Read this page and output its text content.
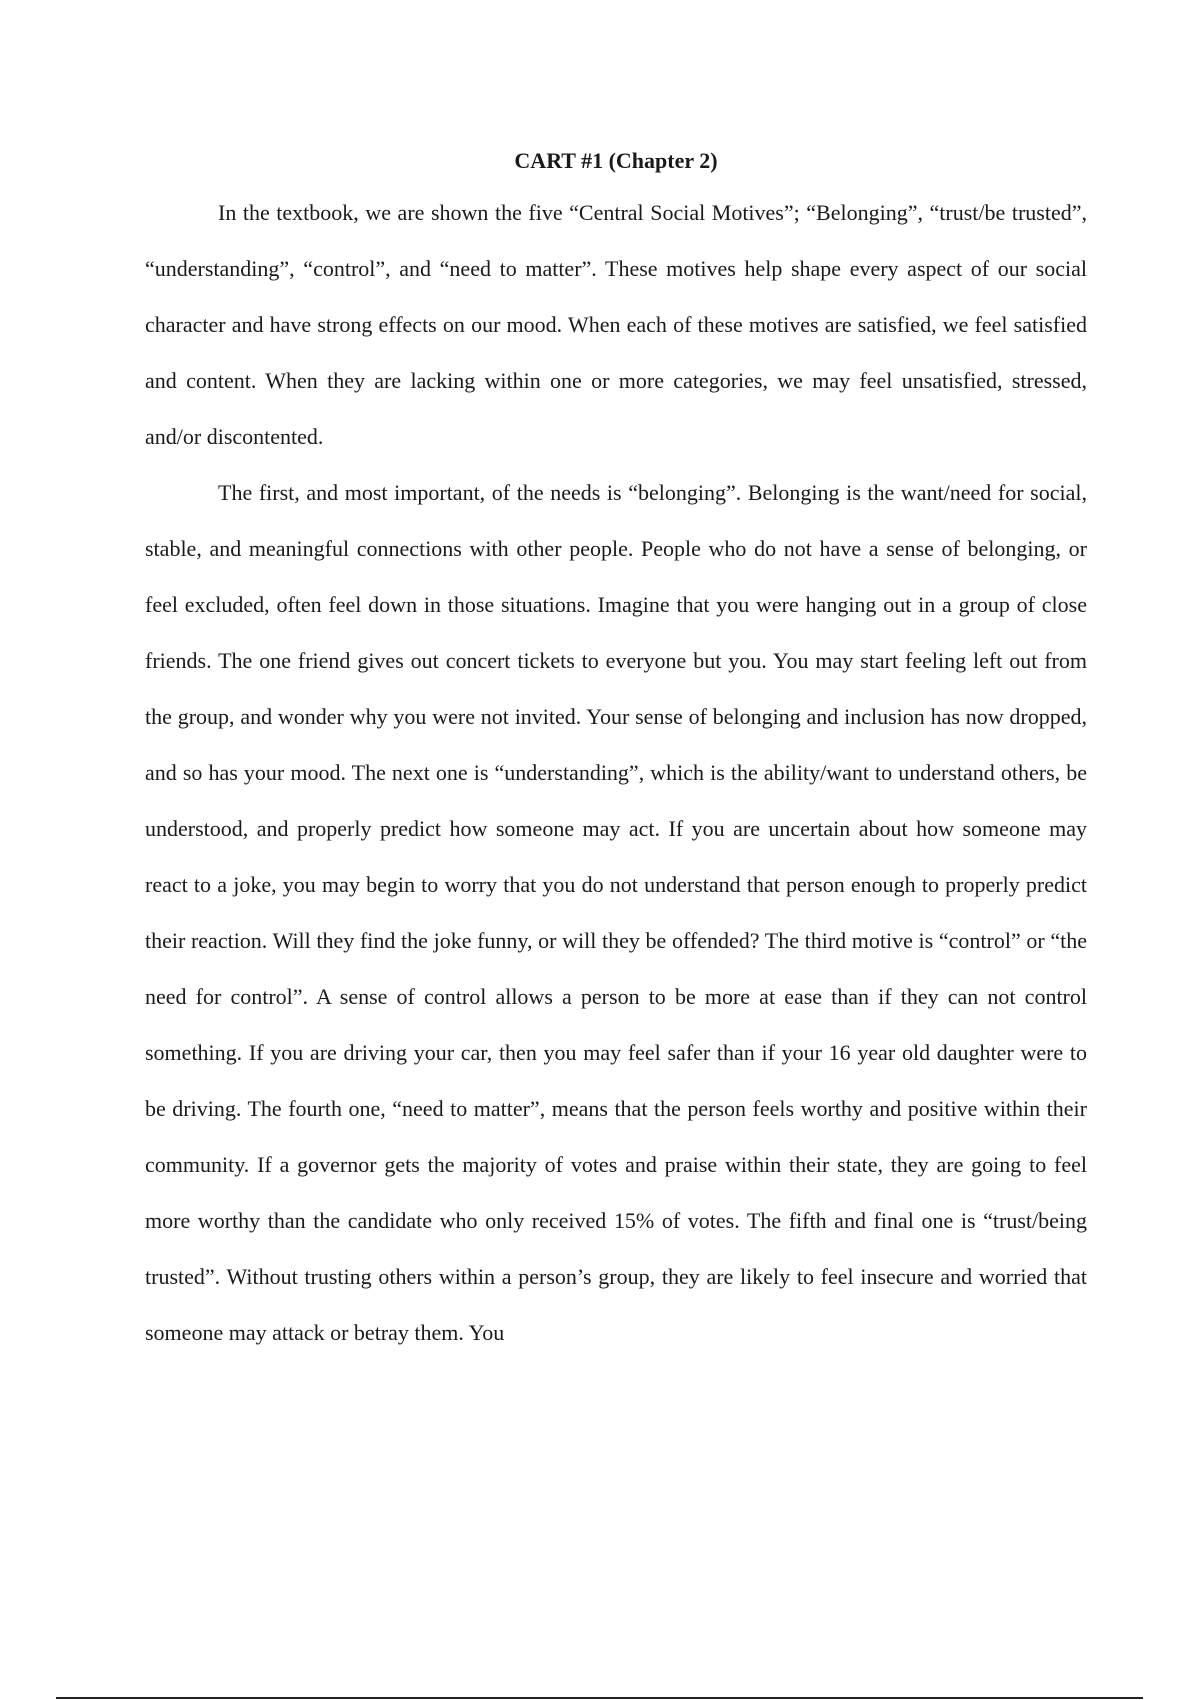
CART #1 (Chapter 2)

In the textbook, we are shown the five “Central Social Motives”; “Belonging”, “trust/be trusted”, “understanding”, “control”, and “need to matter”. These motives help shape every aspect of our social character and have strong effects on our mood. When each of these motives are satisfied, we feel satisfied and content. When they are lacking within one or more categories, we may feel unsatisfied, stressed, and/or discontented.

The first, and most important, of the needs is “belonging”. Belonging is the want/need for social, stable, and meaningful connections with other people. People who do not have a sense of belonging, or feel excluded, often feel down in those situations. Imagine that you were hanging out in a group of close friends. The one friend gives out concert tickets to everyone but you. You may start feeling left out from the group, and wonder why you were not invited. Your sense of belonging and inclusion has now dropped, and so has your mood. The next one is “understanding”, which is the ability/want to understand others, be understood, and properly predict how someone may act. If you are uncertain about how someone may react to a joke, you may begin to worry that you do not understand that person enough to properly predict their reaction. Will they find the joke funny, or will they be offended? The third motive is “control” or “the need for control”. A sense of control allows a person to be more at ease than if they can not control something. If you are driving your car, then you may feel safer than if your 16 year old daughter were to be driving. The fourth one, “need to matter”, means that the person feels worthy and positive within their community. If a governor gets the majority of votes and praise within their state, they are going to feel more worthy than the candidate who only received 15% of votes. The fifth and final one is “trust/being trusted”. Without trusting others within a person’s group, they are likely to feel insecure and worried that someone may attack or betray them. You
